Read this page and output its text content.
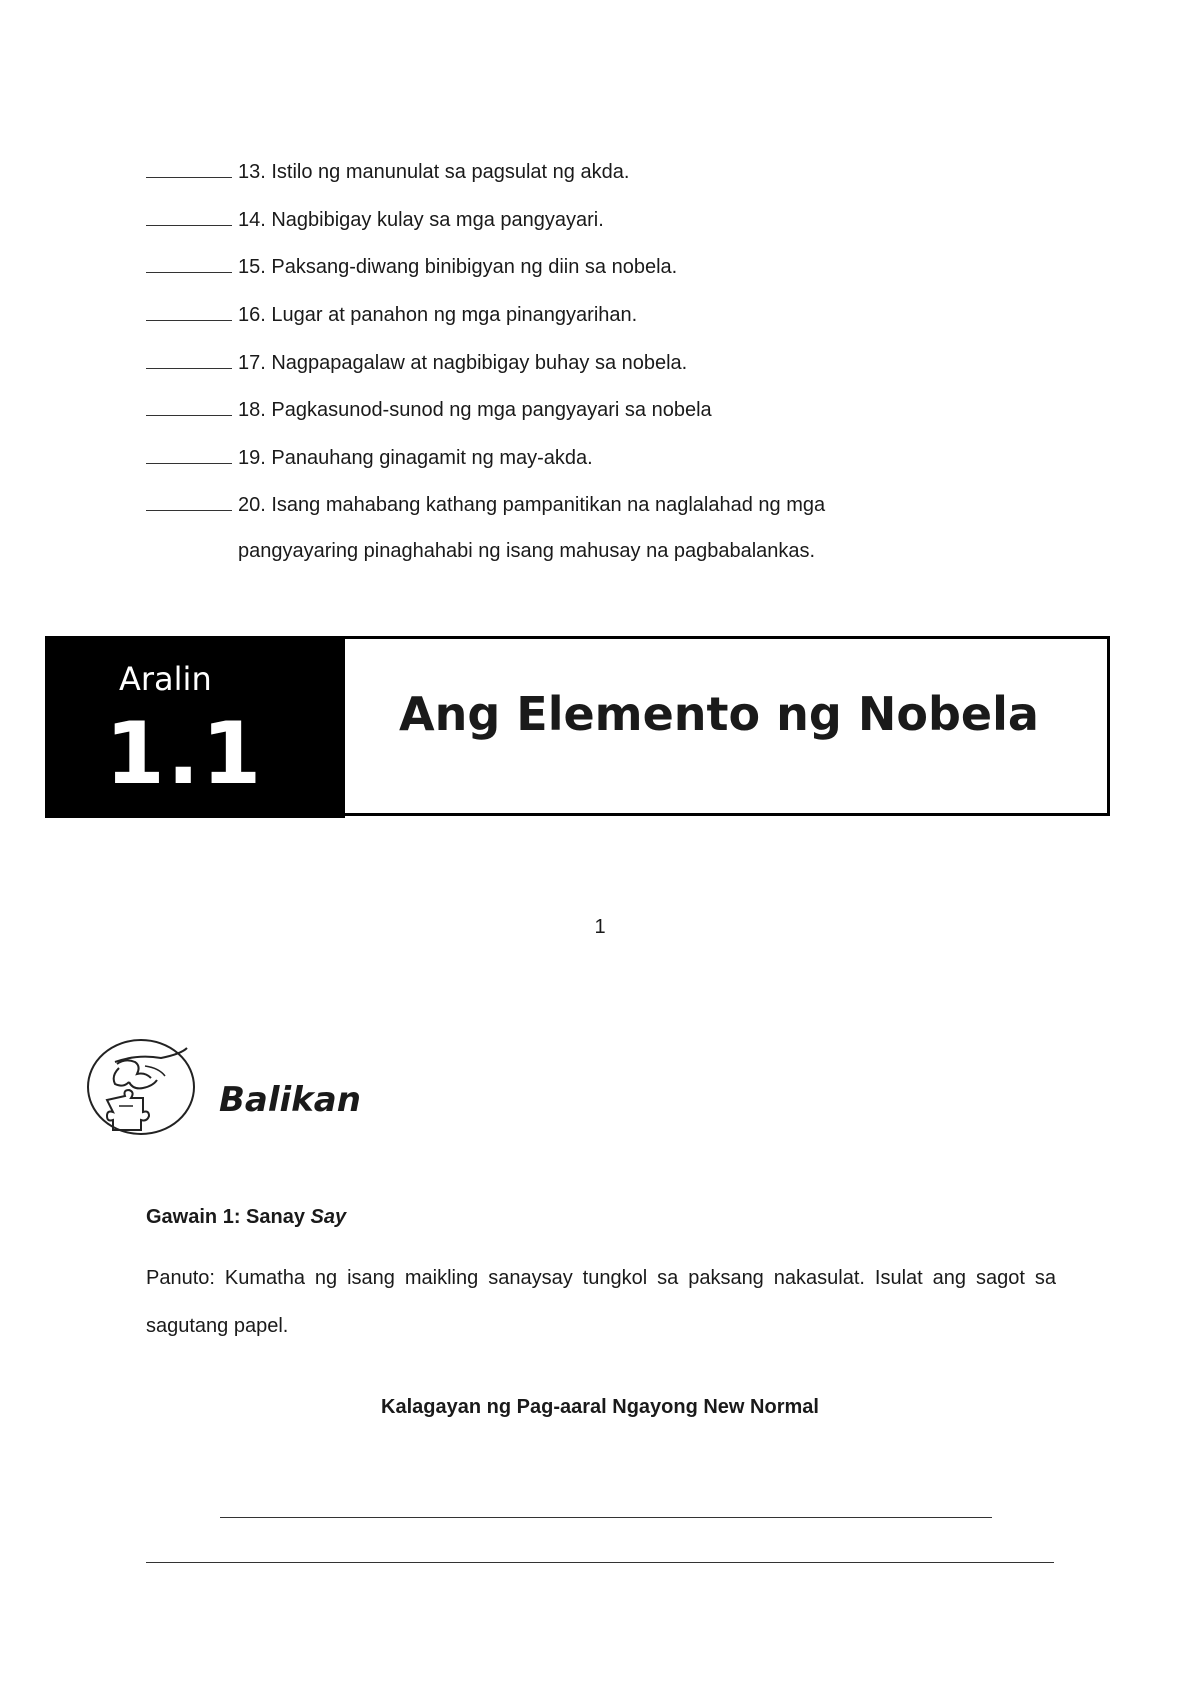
13. Istilo ng manunulat sa pagsulat ng akda.
14. Nagbibigay kulay sa mga pangyayari.
15. Paksang-diwang binibigyan ng diin sa nobela.
16. Lugar at panahon ng mga pinangyarihan.
17. Nagpapagalaw at nagbibigay buhay sa nobela.
18. Pagkasunod-sunod ng mga pangyayari sa nobela
19. Panauhang ginagamit ng may-akda.
20. Isang mahabang kathang pampanitikan na naglalahad ng mga
pangyayaring pinaghahabi ng isang mahusay na pagbabalankas.
Aralin
1.1	Ang Elemento ng Nobela
1
Balikan
Gawain 1: Sanay Say
Panuto: Kumatha ng isang maikling sanaysay tungkol sa paksang nakasulat. Isulat ang sagot sa sagutang papel.
Kalagayan ng Pag-aaral Ngayong New Normal
